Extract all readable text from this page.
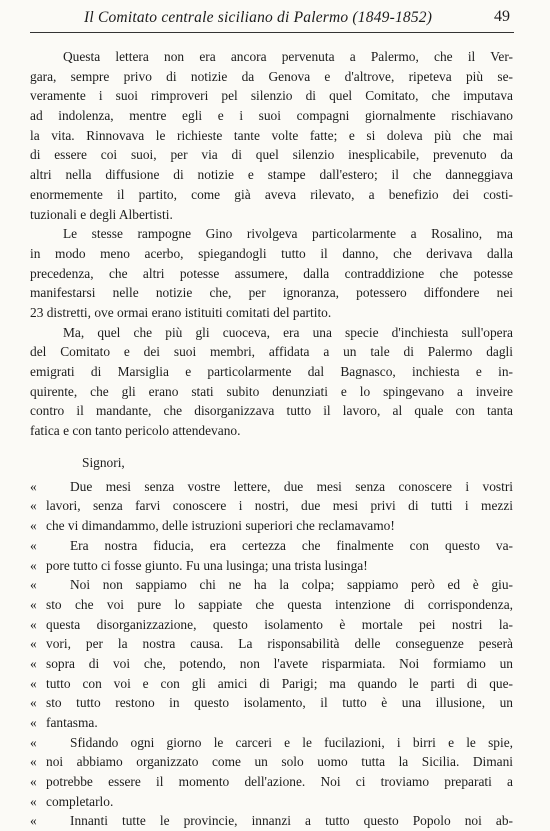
Il Comitato centrale siciliano di Palermo (1849-1852)	49
Questa lettera non era ancora pervenuta a Palermo, che il Ver-
gara, sempre privo di notizie da Genova e d'altrove, ripeteva più se-
veramente i suoi rimproveri pel silenzio di quel Comitato, che imputava
ad indolenza, mentre egli e i suoi compagni giornalmente rischiavano
la vita. Rinnovava le richieste tante volte fatte; e si doleva più che mai
di essere coi suoi, per via di quel silenzio inesplicabile, prevenuto da
altri nella diffusione di notizie e stampe dall'estero; il che danneggiava
enormemente il partito, come già aveva rilevato, a benefizio dei costi-
tuzionali e degli Albertisti.
Le stesse rampogne Gino rivolgeva particolarmente a Rosalino, ma
in modo meno acerbo, spiegandogli tutto il danno, che derivava dalla
precedenza, che altri potesse assumere, dalla contraddizione che potesse
manifestarsi nelle notizie che, per ignoranza, potessero diffondere nei
23 distretti, ove ormai erano istituiti comitati del partito.
Ma, quel che più gli cuoceva, era una specie d'inchiesta sull'opera
del Comitato e dei suoi membri, affidata a un tale di Palermo dagli
emigrati di Marsiglia e particolarmente dal Bagnasco, inchiesta e in-
quirente, che gli erano stati subito denunziati e lo spingevano a inveire
contro il mandante, che disorganizzava tutto il lavoro, al quale con tanta
fatica e con tanto pericolo attendevano.
Signori,
« Due mesi senza vostre lettere, due mesi senza conoscere i vostri
« lavori, senza farvi conoscere i nostri, due mesi privi di tutti i mezzi
« che vi dimandammo, delle istruzioni superiori che reclamavamo!
« Era nostra fiducia, era certezza che finalmente con questo va-
« pore tutto ci fosse giunto. Fu una lusinga; una trista lusinga!
« Noi non sappiamo chi ne ha la colpa; sappiamo però ed è giu-
« sto che voi pure lo sappiate che questa intenzione di corrispondenza,
« questa disorganizzazione, questo isolamento è mortale pei nostri la-
« vori, per la nostra causa. La risponsabilità delle conseguenze peserà
« sopra di voi che, potendo, non l'avete risparmiata. Noi formiamo un
« tutto con voi e con gli amici di Parigi; ma quando le parti di que-
« sto tutto restono in questo isolamento, il tutto è una illusione, un
« fantasma.
« Sfidando ogni giorno le carceri e le fucilazioni, i birri e le spie,
« noi abbiamo organizzato come un solo uomo tutta la Sicilia. Dimani
« potrebbe essere il momento dell'azione. Noi ci troviamo preparati a
« completarlo.
« Innanti tutte le provincie, innanzi a tutto questo Popolo noi ab-
